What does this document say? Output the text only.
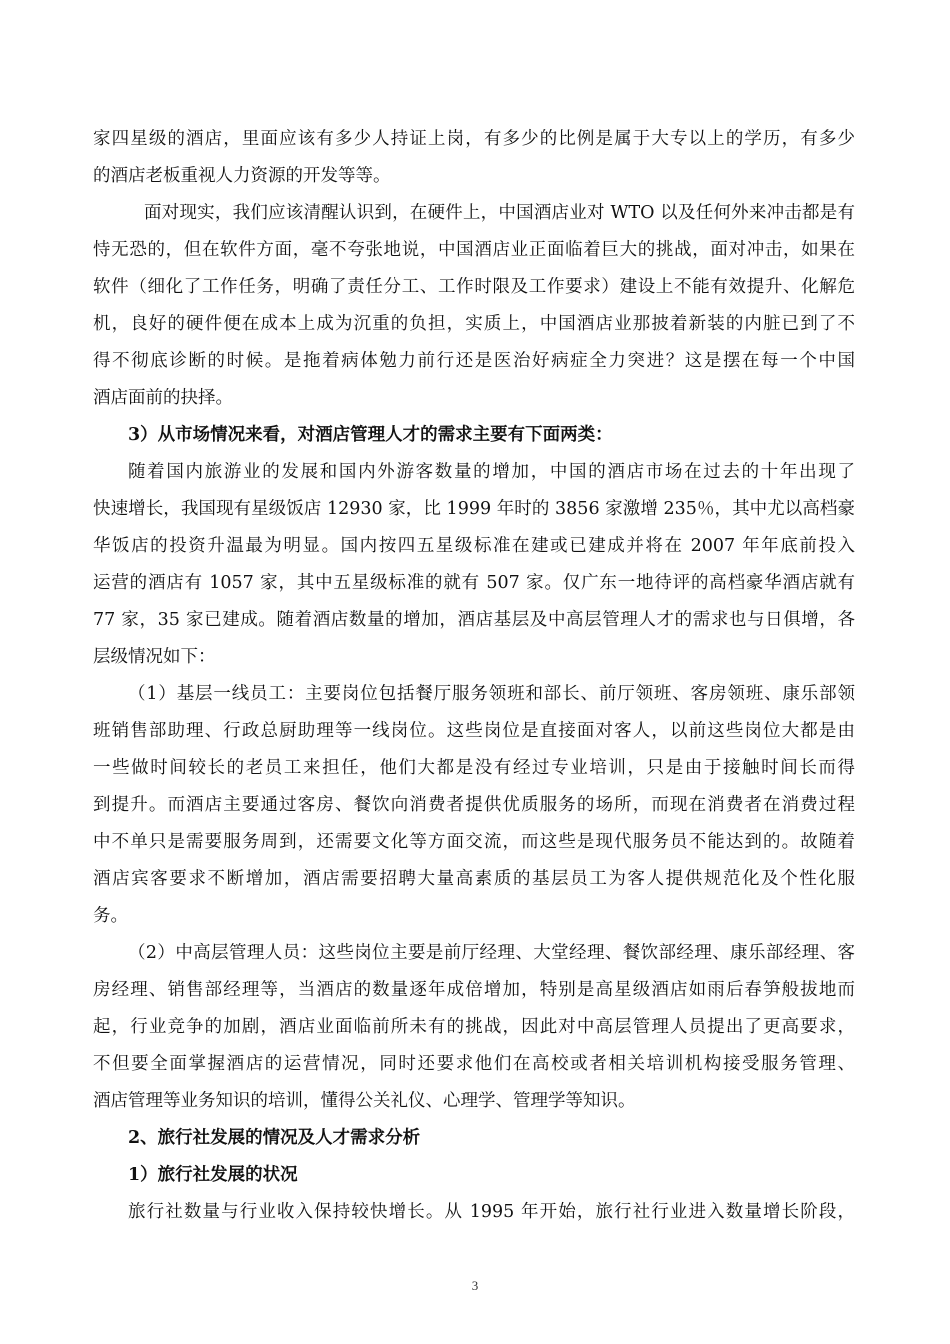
家四星级的酒店，里面应该有多少人持证上岗，有多少的比例是属于大专以上的学历，有多少
的酒店老板重视人力资源的开发等等。
面对现实，我们应该清醒认识到，在硬件上，中国酒店业对 WTO 以及任何外来冲击都是有
恃无恐的，但在软件方面，毫不夸张地说，中国酒店业正面临着巨大的挑战，面对冲击，如果在
软件（细化了工作任务，明确了责任分工、工作时限及工作要求）建设上不能有效提升、化解危
机，良好的硬件便在成本上成为沉重的负担，实质上，中国酒店业那披着新装的内脏已到了不
得不彻底诊断的时候。是拖着病体勉力前行还是医治好病症全力突进？这是摆在每一个中国
酒店面前的抉择。
3）从市场情况来看，对酒店管理人才的需求主要有下面两类：
随着国内旅游业的发展和国内外游客数量的增加，中国的酒店市场在过去的十年出现了
快速增长，我国现有星级饭店 12930 家，比 1999 年时的 3856 家激增 235％，其中尤以高档豪
华饭店的投资升温最为明显。国内按四五星级标准在建或已建成并将在 2007 年年底前投入
运营的酒店有 1057 家，其中五星级标准的就有 507 家。仅广东一地待评的高档豪华酒店就有
77 家，35 家已建成。随着酒店数量的增加，酒店基层及中高层管理人才的需求也与日俱增，各
层级情况如下：
（1）基层一线员工：主要岗位包括餐厅服务领班和部长、前厅领班、客房领班、康乐部领
班销售部助理、行政总厨助理等一线岗位。这些岗位是直接面对客人，以前这些岗位大都是由
一些做时间较长的老员工来担任，他们大都是没有经过专业培训，只是由于接触时间长而得
到提升。而酒店主要通过客房、餐饮向消费者提供优质服务的场所，而现在消费者在消费过程
中不单只是需要服务周到，还需要文化等方面交流，而这些是现代服务员不能达到的。故随着
酒店宾客要求不断增加，酒店需要招聘大量高素质的基层员工为客人提供规范化及个性化服
务。
（2）中高层管理人员：这些岗位主要是前厅经理、大堂经理、餐饮部经理、康乐部经理、客
房经理、销售部经理等，当酒店的数量逐年成倍增加，特别是高星级酒店如雨后春笋般拔地而
起，行业竞争的加剧，酒店业面临前所未有的挑战，因此对中高层管理人员提出了更高要求，
不但要全面掌握酒店的运营情况，同时还要求他们在高校或者相关培训机构接受服务管理、
酒店管理等业务知识的培训，懂得公关礼仪、心理学、管理学等知识。
2、旅行社发展的情况及人才需求分析
1）旅行社发展的状况
旅行社数量与行业收入保持较快增长。从 1995 年开始，旅行社行业进入数量增长阶段，
3
